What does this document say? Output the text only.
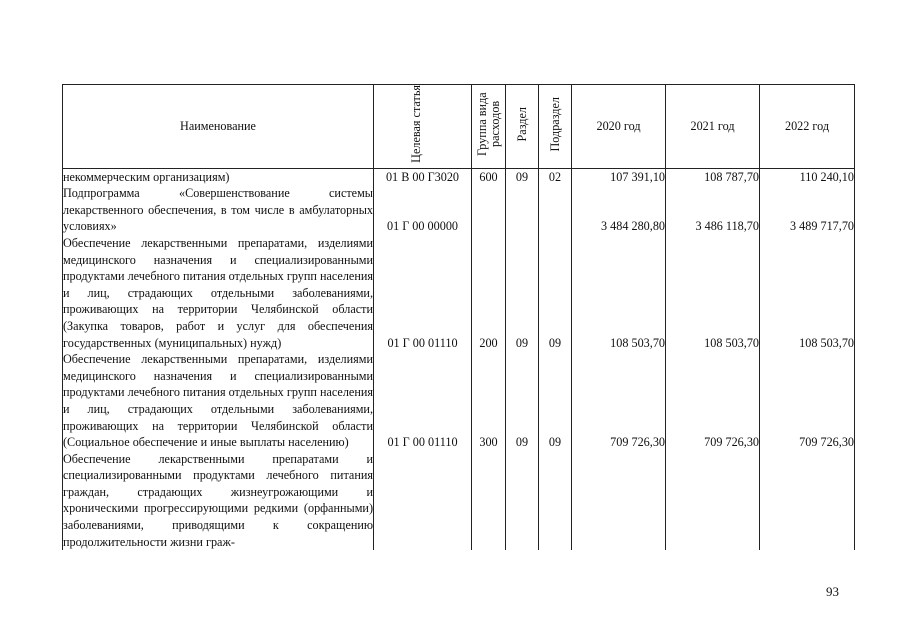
Наименование	Целевая статья	Группа вида расходов	Раздел	Подраздел	2020 год	2021 год	2022 год
некоммерческим организациям)	01 В 00 Г3020	600	09	02	107 391,10	108 787,70	110 240,10
Подпрограмма «Совершенствование системы лекарственного обеспечения, в том числе в амбулаторных условиях»	01 Г 00 00000				3 484 280,80	3 486 118,70	3 489 717,70
Обеспечение лекарственными препаратами, изделиями медицинского назначения и специализированными продуктами лечебного питания отдельных групп населения и лиц, страдающих отдельными заболеваниями, проживающих на территории Челябинской области (Закупка товаров, работ и услуг для обеспечения государственных (муниципальных) нужд)	01 Г 00 01110	200	09	09	108 503,70	108 503,70	108 503,70
Обеспечение лекарственными препаратами, изделиями медицинского назначения и специализированными продуктами лечебного питания отдельных групп населения и лиц, страдающих отдельными заболеваниями, проживающих на территории Челябинской области (Социальное обеспечение и иные выплаты населению)	01 Г 00 01110	300	09	09	709 726,30	709 726,30	709 726,30
Обеспечение лекарственными препаратами и специализированными продуктами лечебного питания граждан, страдающих жизнеугрожающими и хроническими прогрессирующими редкими (орфанными) заболеваниями, приводящими к сокращению продолжительности жизни граж-							
93
